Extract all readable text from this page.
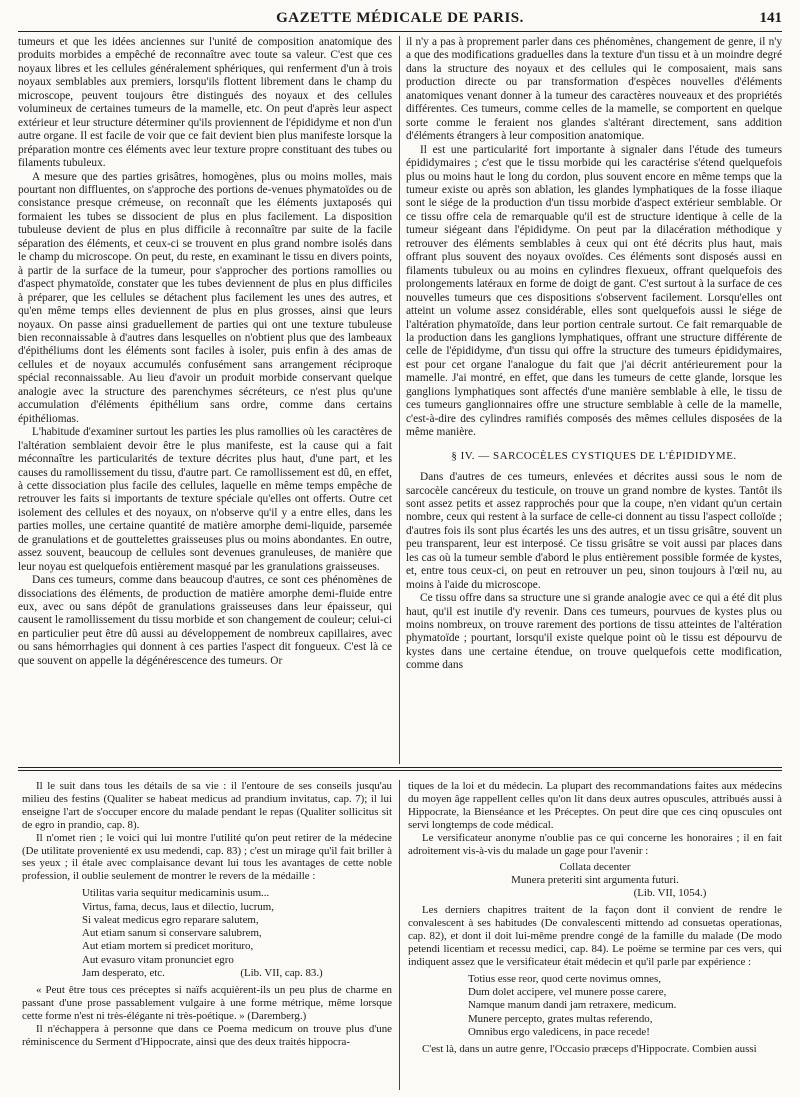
GAZETTE MÉDICALE DE PARIS.	141

tumeurs et que les idées anciennes sur l'unité de composition anatomique des produits morbides a empêché de reconnaître avec toute sa valeur. C'est que ces noyaux libres et les cellules généralement sphériques, qui renferment d'un à trois noyaux semblables aux premiers, lorsqu'ils flottent librement dans le champ du microscope, peuvent toujours être distingués des noyaux et des cellules volumineux de certaines tumeurs de la mamelle, etc. On peut d'après leur aspect extérieur et leur structure déterminer qu'ils proviennent de l'épididyme et non d'un autre organe. Il est facile de voir que ce fait devient bien plus manifeste lorsque la préparation montre ces éléments avec leur texture propre constituant des tubes ou filaments tubuleux.

A mesure que des parties grisâtres, homogènes, plus ou moins molles, mais pourtant non diffluentes, on s'approche des portions de-venues phymatoïdes ou de consistance presque crémeuse, on reconnaît que les éléments juxtaposés qui formaient les tubes se dissocient de plus en plus facilement. La disposition tubuleuse devient de plus en plus difficile à reconnaître par suite de la facile séparation des éléments, et ceux-ci se trouvent en plus grand nombre isolés dans le champ du microscope. On peut, du reste, en examinant le tissu en divers points, à partir de la surface de la tumeur, pour s'approcher des portions ramollies ou d'aspect phymatoïde, constater que les tubes deviennent de plus en plus difficiles à préparer, que les cellules se détachent plus facilement les unes des autres, et qu'en même temps elles deviennent de plus en plus grosses, ainsi que leurs noyaux. On passe ainsi graduellement de parties qui ont une texture tubuleuse bien reconnaissable à d'autres dans lesquelles on n'obtient plus que des lambeaux d'épithéliums dont les éléments sont faciles à isoler, puis enfin à des amas de cellules et de noyaux accumulés confusément sans arrangement réciproque spécial reconnaissable. Au lieu d'avoir un produit morbide conservant quelque analogie avec la structure des parenchymes sécréteurs, ce n'est plus qu'une accumulation d'éléments épithélium sans ordre, comme dans certains épithéliomas.

L'habitude d'examiner surtout les parties les plus ramollies où les caractères de l'altération semblaient devoir être le plus manifeste, est la cause qui a fait méconnaître les particularités de texture décrites plus haut, d'une part, et les causes du ramollissement du tissu, d'autre part. Ce ramollissement est dû, en effet, à cette dissociation plus facile des cellules, laquelle en même temps empêche de retrouver les faits si importants de texture spéciale qu'elles ont offerts. Outre cet isolement des cellules et des noyaux, on n'observe qu'il y a entre elles, dans les parties molles, une certaine quantité de matière amorphe demi-liquide, parsemée de granulations et de gouttelettes graisseuses plus ou moins abondantes. En outre, assez souvent, beaucoup de cellules sont devenues granuleuses, de manière que leur noyau est quelquefois entièrement masqué par les granulations graisseuses.

Dans ces tumeurs, comme dans beaucoup d'autres, ce sont ces phénomènes de dissociations des éléments, de production de matière amorphe demi-fluide entre eux, avec ou sans dépôt de granulations graisseuses dans leur épaisseur, qui causent le ramollissement du tissu morbide et son changement de couleur; celui-ci en particulier peut être dû aussi au développement de nombreux capillaires, avec ou sans hémorrhagies qui donnent à ces parties l'aspect dit fongueux. C'est là ce que souvent on appelle la dégénérescence des tumeurs. Or

il n'y a pas à proprement parler dans ces phénomènes, changement de genre, il n'y a que des modifications graduelles dans la texture d'un tissu et à un moindre degré dans la structure des noyaux et des cellules qui le composaient, mais sans production directe ou par transformation d'espèces nouvelles d'éléments anatomiques venant donner à la tumeur des caractères nouveaux et des propriétés différentes. Ces tumeurs, comme celles de la mamelle, se comportent en quelque sorte comme le feraient nos glandes s'altérant directement, sans addition d'éléments étrangers à leur composition anatomique.

Il est une particularité fort importante à signaler dans l'étude des tumeurs épididymaires ; c'est que le tissu morbide qui les caractérise s'étend quelquefois plus ou moins haut le long du cordon, plus souvent encore en même temps que la tumeur existe ou après son ablation, les glandes lymphatiques de la fosse iliaque sont le siége de la production d'un tissu morbide d'aspect extérieur semblable. Or ce tissu offre cela de remarquable qu'il est de structure identique à celle de la tumeur siégeant dans l'épididyme. On peut par la dilacération méthodique y retrouver des éléments semblables à ceux qui ont été décrits plus haut, mais offrant plus souvent des noyaux ovoïdes. Ces éléments sont disposés aussi en filaments tubuleux ou au moins en cylindres flexueux, offrant quelquefois des prolongements latéraux en forme de doigt de gant. C'est surtout à la surface de ces nouvelles tumeurs que ces dispositions s'observent facilement. Lorsqu'elles ont atteint un volume assez considérable, elles sont quelquefois aussi le siége de l'altération phymatoïde, dans leur portion centrale surtout. Ce fait remarquable de la production dans les ganglions lymphatiques, offrant une structure différente de celle de l'épididyme, d'un tissu qui offre la structure des tumeurs épididymaires, est pour cet organe l'analogue du fait que j'ai décrit antérieurement pour la mamelle. J'ai montré, en effet, que dans les tumeurs de cette glande, lorsque les ganglions lymphatiques sont affectés d'une manière semblable à elle, le tissu de ces tumeurs ganglionnaires offre une structure semblable à celle de la mamelle, c'est-à-dire des cylindres ramifiés composés des mêmes cellules disposées de la même manière.

§ IV. — SARCOCÈLES CYSTIQUES DE L'ÉPIDIDYME.

Dans d'autres de ces tumeurs, enlevées et décrites aussi sous le nom de sarcocèle cancéreux du testicule, on trouve un grand nombre de kystes. Tantôt ils sont assez petits et assez rapprochés pour que la coupe, n'en vidant qu'un certain nombre, ceux qui restent à la surface de celle-ci donnent au tissu l'aspect colloïde ; d'autres fois ils sont plus écartés les uns des autres, et un tissu grisâtre, souvent un peu transparent, leur est interposé. Ce tissu grisâtre se voit aussi par places dans les cas où la tumeur semble d'abord le plus entièrement possible formée de kystes, et, entre tous ceux-ci, on peut en retrouver un peu, sinon toujours à l'œil nu, au moins à l'aide du microscope.

Ce tissu offre dans sa structure une si grande analogie avec ce qui a été dit plus haut, qu'il est inutile d'y revenir. Dans ces tumeurs, pourvues de kystes plus ou moins nombreux, on trouve rarement des portions de tissu atteintes de l'altération phymatoïde ; pourtant, lorsqu'il existe quelque point où le tissu est dépourvu de kystes dans une certaine étendue, on trouve quelquefois cette modification, comme dans

Il le suit dans tous les détails de sa vie : il l'entoure de ses conseils jusqu'au milieu des festins (Qualiter se habeat medicus ad prandium invitatus, cap. 7); il lui enseigne l'art de s'occuper encore du malade pendant le repas (Qualiter sollicitus sit de egro in prandio, cap. 8).

Il n'omet rien ; le voici qui lui montre l'utilité qu'on peut retirer de la médecine (De utilitate provenienté ex usu medendi, cap. 83) ; c'est un mirage qu'il fait briller à ses yeux ; il étale avec complaisance devant lui tous les avantages de cette noble profession, il oublie seulement de montrer le revers de la médaille :

Utilitas varia sequitur medicaminis usum...
Virtus, fama, decus, laus et dilectio, lucrum,
Si valeat medicus egro reparare salutem,
Aut etiam sanum si conservare salubrem,
Aut etiam mortem si predicet moriturо,
Aut evasuro vitam pronunciet egro
Jam desperato, etc.	(Lib. VII, cap. 83.)

« Peut être tous ces préceptes si naïfs acquièrent-ils un peu plus de charme en passant d'une prose passablement vulgaire à une forme métrique, même lorsque cette forme n'est ni très-élégante ni très-poétique. » (Daremberg.)

Il n'échappera à personne que dans ce Poema medicum on trouve plus d'une réminiscence du Serment d'Hippocrate, ainsi que des deux traités hippocra-

tiques de la loi et du médecin. La plupart des recommandations faites aux médecins du moyen âge rappellent celles qu'on lit dans deux autres opuscules, attribués aussi à Hippocrate, la Bienséance et les Préceptes. On peut dire que ces cinq opuscules ont servi longtemps de code médical.

Le versificateur anonyme n'oublie pas ce qui concerne les honoraires ; il en fait adroitement vis-à-vis du malade un gage pour l'avenir :

Collata decenter
Munera preteriti sint argumenta futuri.
(Lib. VII, 1054.)

Les derniers chapitres traitent de la façon dont il convient de rendre le convalescent à ses habitudes (De convalescenti mittendo ad consuetas operationas, cap. 82), et dont il doit lui-même prendre congé de la famille du malade (De modo petendi licentiam et recessu medici, cap. 84). Le poëme se termine par ces vers, qui indiquent assez que le versificateur était médecin et qu'il parle par expérience :

Totius esse reor, quod certe novimus omnes,
Dum dolet accipere, vel munere posse carere,
Namque manum dandi jam retraxere, medicum.
Munere percepto, grates multas referendo,
Omnibus ergo valedicens, in pace recede!

C'est là, dans un autre genre, l'Occasio præceps d'Hippocrate. Combien aussi
